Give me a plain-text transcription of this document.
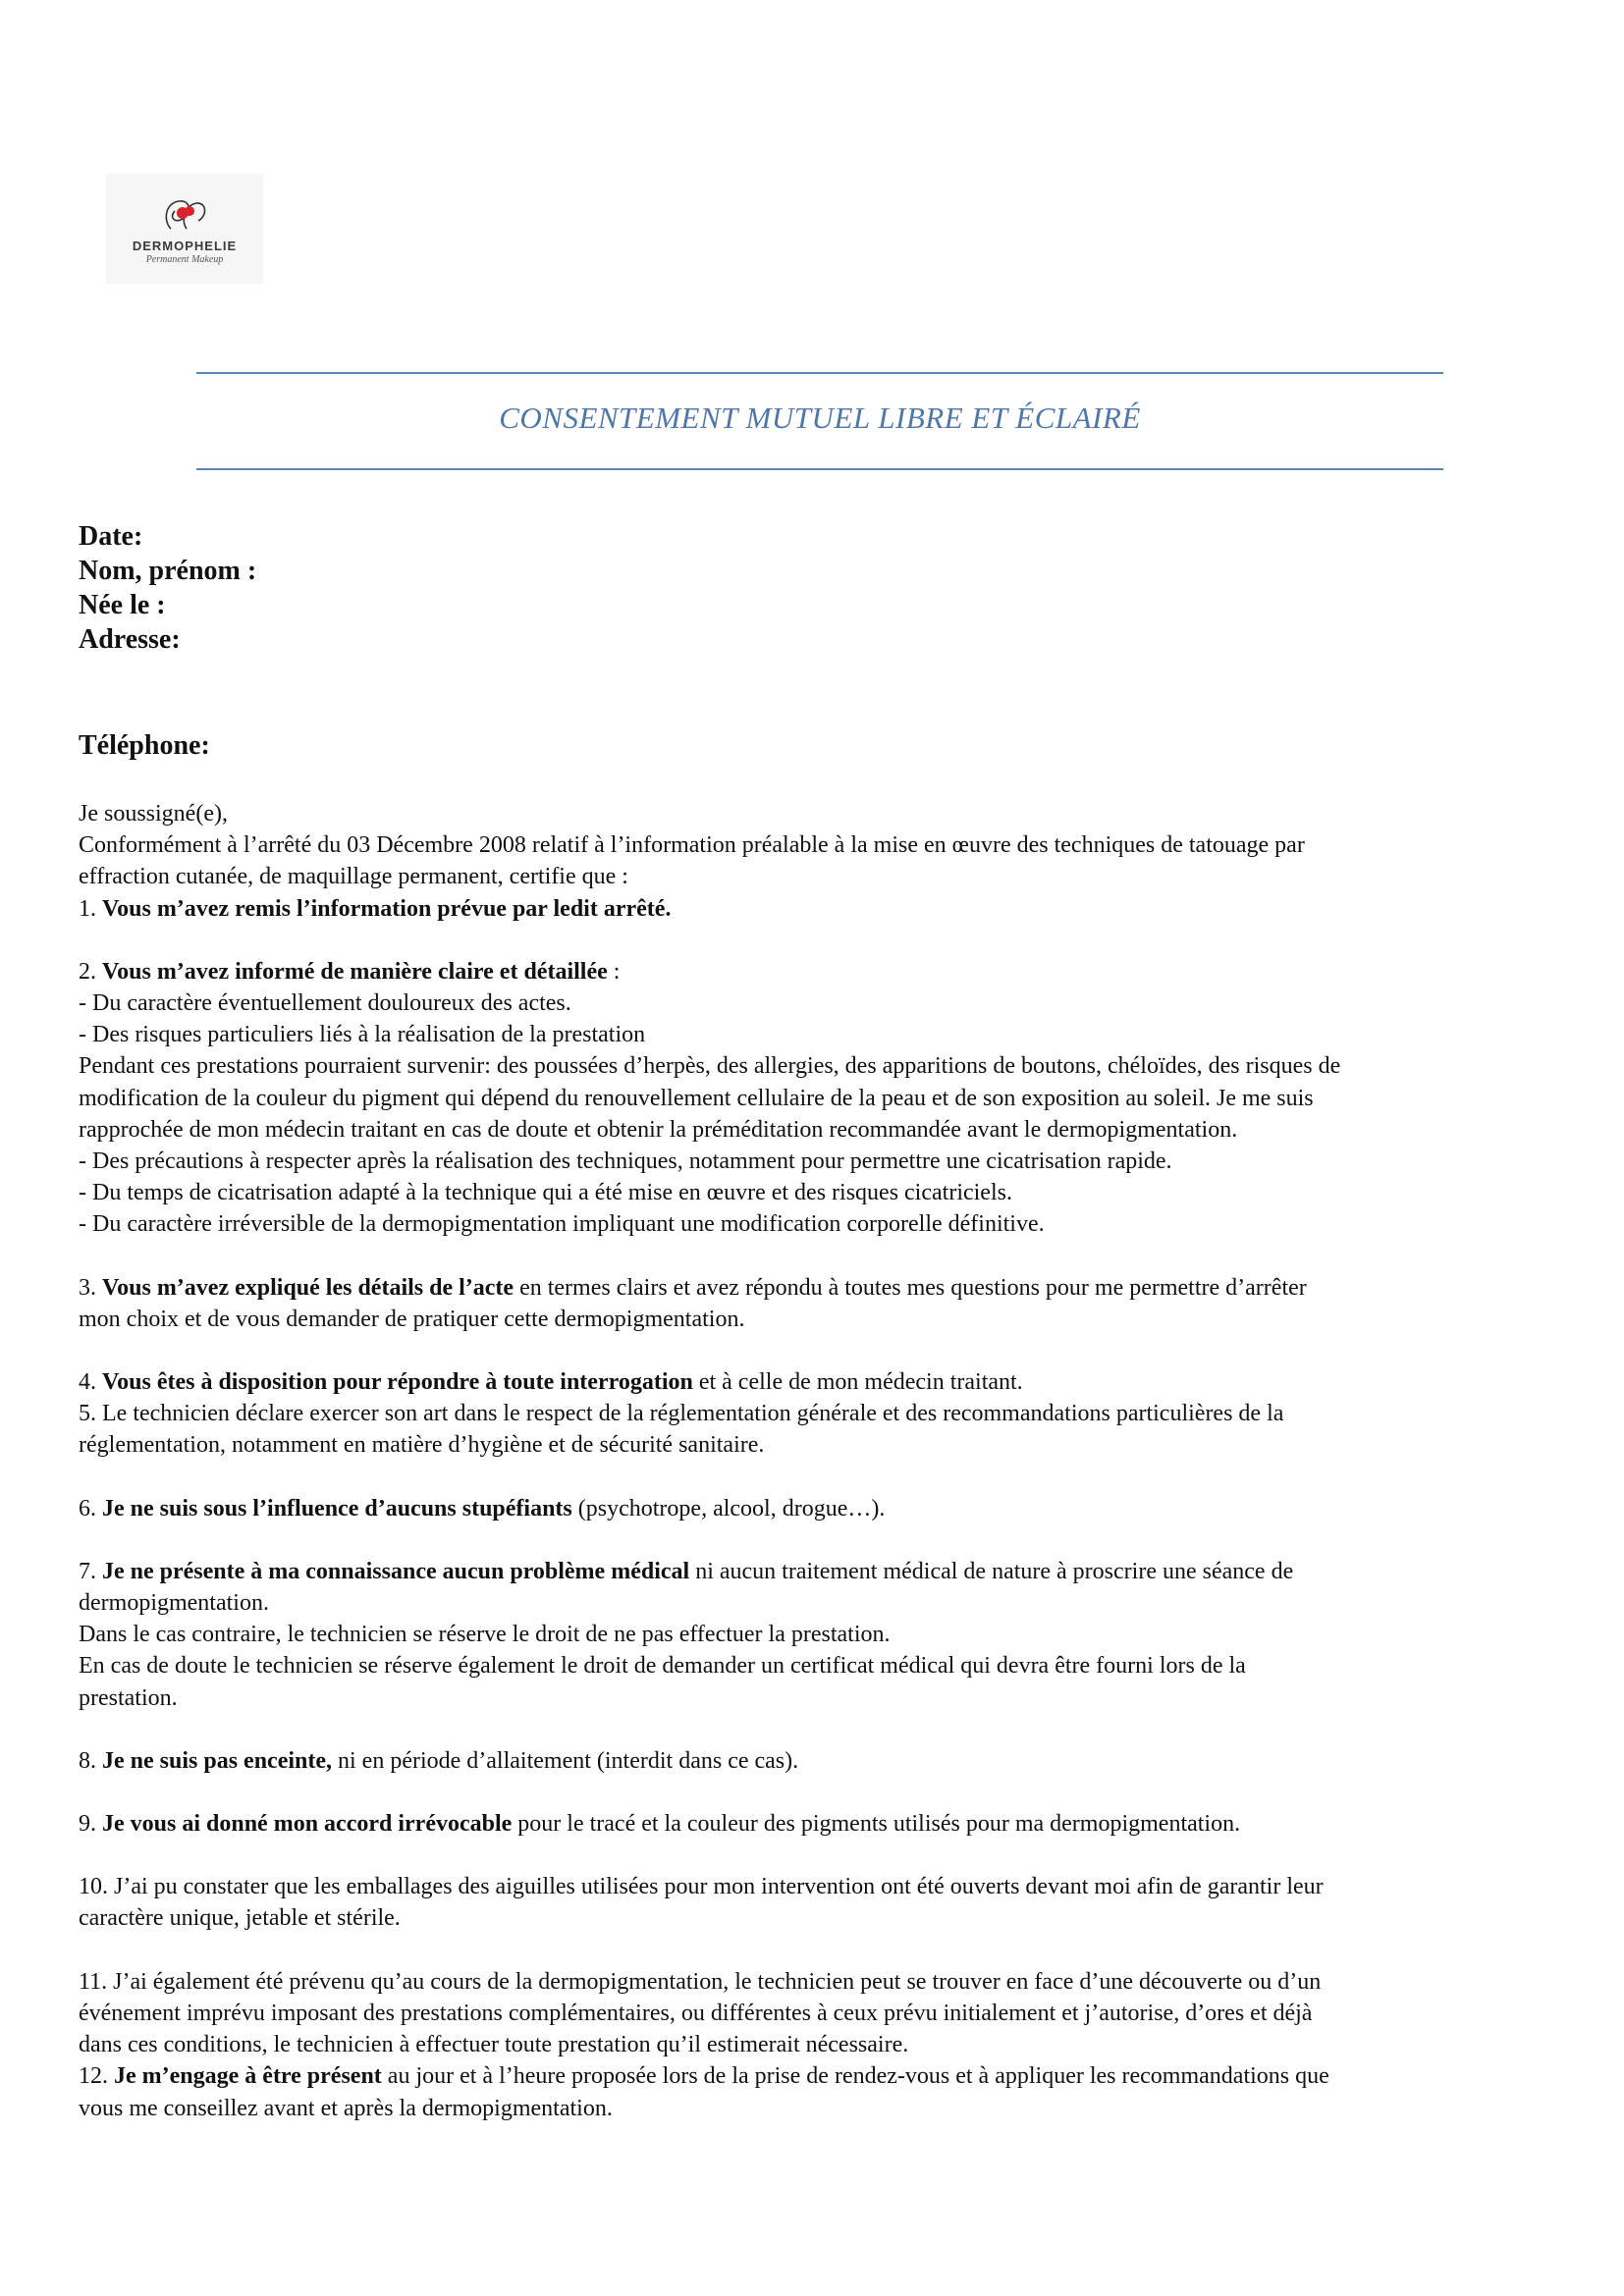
DERMOPHELIE
Permanent Makeup
CONSENTEMENT MUTUEL LIBRE ET ÉCLAIRÉ
Date:
Nom, prénom :
Née le :
Adresse:
Téléphone:

Je soussigné(e),

Conformément à l’arrêté du 03 Décembre 2008 relatif à l’information préalable à la mise en œuvre des techniques de tatouage par

effraction cutanée, de maquillage permanent, certifie que :

1. Vous m’avez remis l’information prévue par ledit arrêté.

2. Vous m’avez informé de manière claire et détaillée :

- Du caractère éventuellement douloureux des actes.

- Des risques particuliers liés à la réalisation de la prestation

Pendant ces prestations pourraient survenir: des poussées d’herpès, des allergies, des apparitions de boutons, chéloïdes, des risques de

modification de la couleur du pigment qui dépend du renouvellement cellulaire de la peau et de son exposition au soleil. Je me suis

rapprochée de mon médecin traitant en cas de doute et obtenir la préméditation recommandée avant le dermopigmentation.

- Des précautions à respecter après la réalisation des techniques, notamment pour permettre une cicatrisation rapide.

- Du temps de cicatrisation adapté à la technique qui a été mise en œuvre et des risques cicatriciels.

- Du caractère irréversible de la dermopigmentation impliquant une modification corporelle définitive.

3. Vous m’avez expliqué les détails de l’acte en termes clairs et avez répondu à toutes mes questions pour me permettre d’arrêter

mon choix et de vous demander de pratiquer cette dermopigmentation.

4. Vous êtes à disposition pour répondre à toute interrogation et à celle de mon médecin traitant.

5. Le technicien déclare exercer son art dans le respect de la réglementation générale et des recommandations particulières de la

réglementation, notamment en matière d’hygiène et de sécurité sanitaire.

6. Je ne suis sous l’influence d’aucuns stupéfiants (psychotrope, alcool, drogue…).

7. Je ne présente à ma connaissance aucun problème médical ni aucun traitement médical de nature à proscrire une séance de

dermopigmentation.

Dans le cas contraire, le technicien se réserve le droit de ne pas effectuer la prestation.

En cas de doute le technicien se réserve également le droit de demander un certificat médical qui devra être fourni lors de la

prestation.

8. Je ne suis pas enceinte, ni en période d’allaitement (interdit dans ce cas).

9. Je vous ai donné mon accord irrévocable pour le tracé et la couleur des pigments utilisés pour ma dermopigmentation.

10. J’ai pu constater que les emballages des aiguilles utilisées pour mon intervention ont été ouverts devant moi afin de garantir leur

caractère unique, jetable et stérile.

11. J’ai également été prévenu qu’au cours de la dermopigmentation, le technicien peut se trouver en face d’une découverte ou d’un

événement imprévu imposant des prestations complémentaires, ou différentes à ceux prévu initialement et j’autorise, d’ores et déjà

dans ces conditions, le technicien à effectuer toute prestation qu’il estimerait nécessaire.

12. Je m’engage à être présent au jour et à l’heure proposée lors de la prise de rendez-vous et à appliquer les recommandations que

vous me conseillez avant et après la dermopigmentation.
